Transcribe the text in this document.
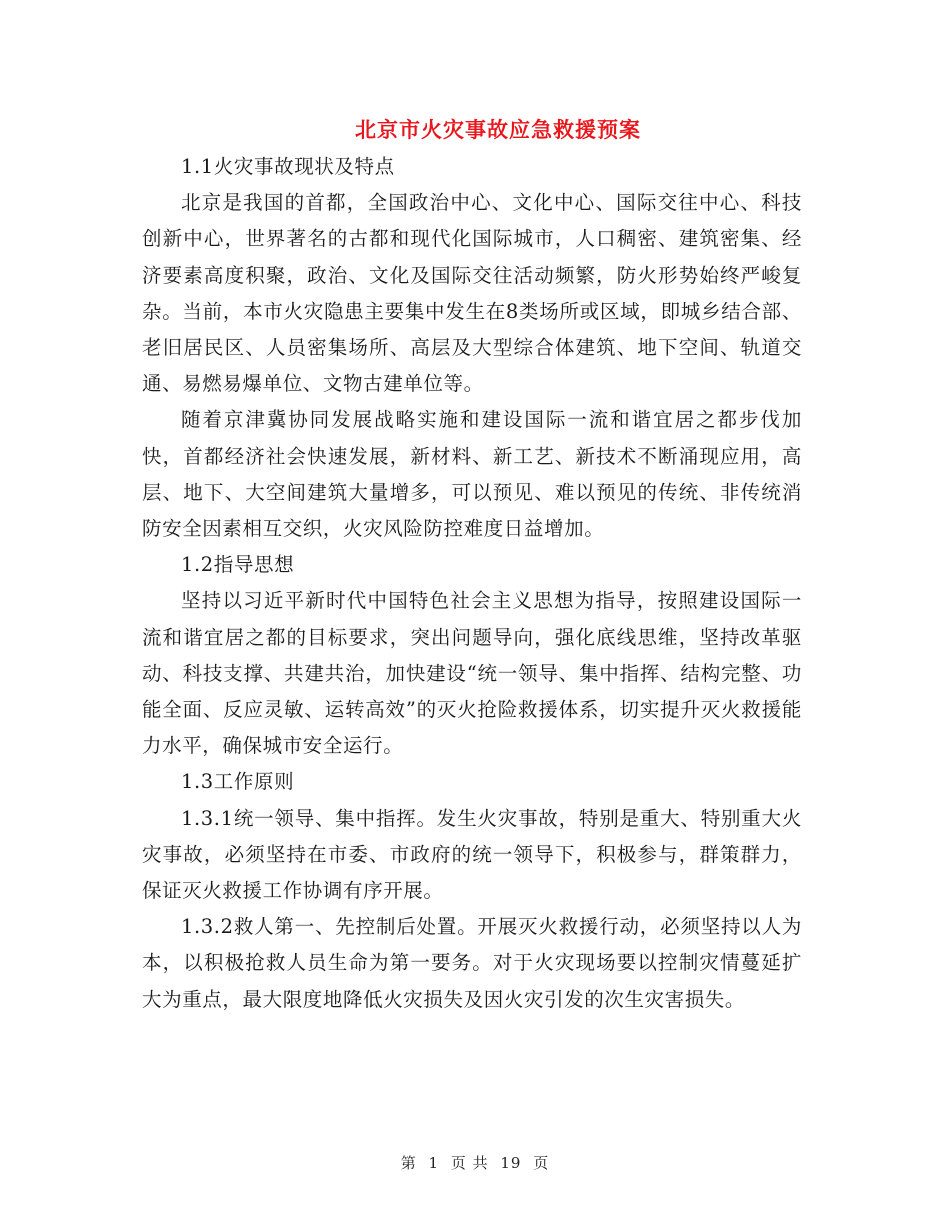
北京市火灾事故应急救援预案

1.1火灾事故现状及特点

北京是我国的首都，全国政治中心、文化中心、国际交往中心、科技创新中心，世界著名的古都和现代化国际城市，人口稠密、建筑密集、经济要素高度积聚，政治、文化及国际交往活动频繁，防火形势始终严峻复杂。当前，本市火灾隐患主要集中发生在8类场所或区域，即城乡结合部、老旧居民区、人员密集场所、高层及大型综合体建筑、地下空间、轨道交通、易燃易爆单位、文物古建单位等。

随着京津冀协同发展战略实施和建设国际一流和谐宜居之都步伐加快，首都经济社会快速发展，新材料、新工艺、新技术不断涌现应用，高层、地下、大空间建筑大量增多，可以预见、难以预见的传统、非传统消防安全因素相互交织，火灾风险防控难度日益增加。

1.2指导思想

坚持以习近平新时代中国特色社会主义思想为指导，按照建设国际一流和谐宜居之都的目标要求，突出问题导向，强化底线思维，坚持改革驱动、科技支撑、共建共治，加快建设“统一领导、集中指挥、结构完整、功能全面、反应灵敏、运转高效”的灭火抢险救援体系，切实提升灭火救援能力水平，确保城市安全运行。

1.3工作原则

1.3.1统一领导、集中指挥。发生火灾事故，特别是重大、特别重大火灾事故，必须坚持在市委、市政府的统一领导下，积极参与，群策群力，保证灭火救援工作协调有序开展。

1.3.2救人第一、先控制后处置。开展灭火救援行动，必须坚持以人为本，以积极抢救人员生命为第一要务。对于火灾现场要以控制灾情蔓延扩大为重点，最大限度地降低火灾损失及因火灾引发的次生灾害损失。

第 1 页 共 19 页
